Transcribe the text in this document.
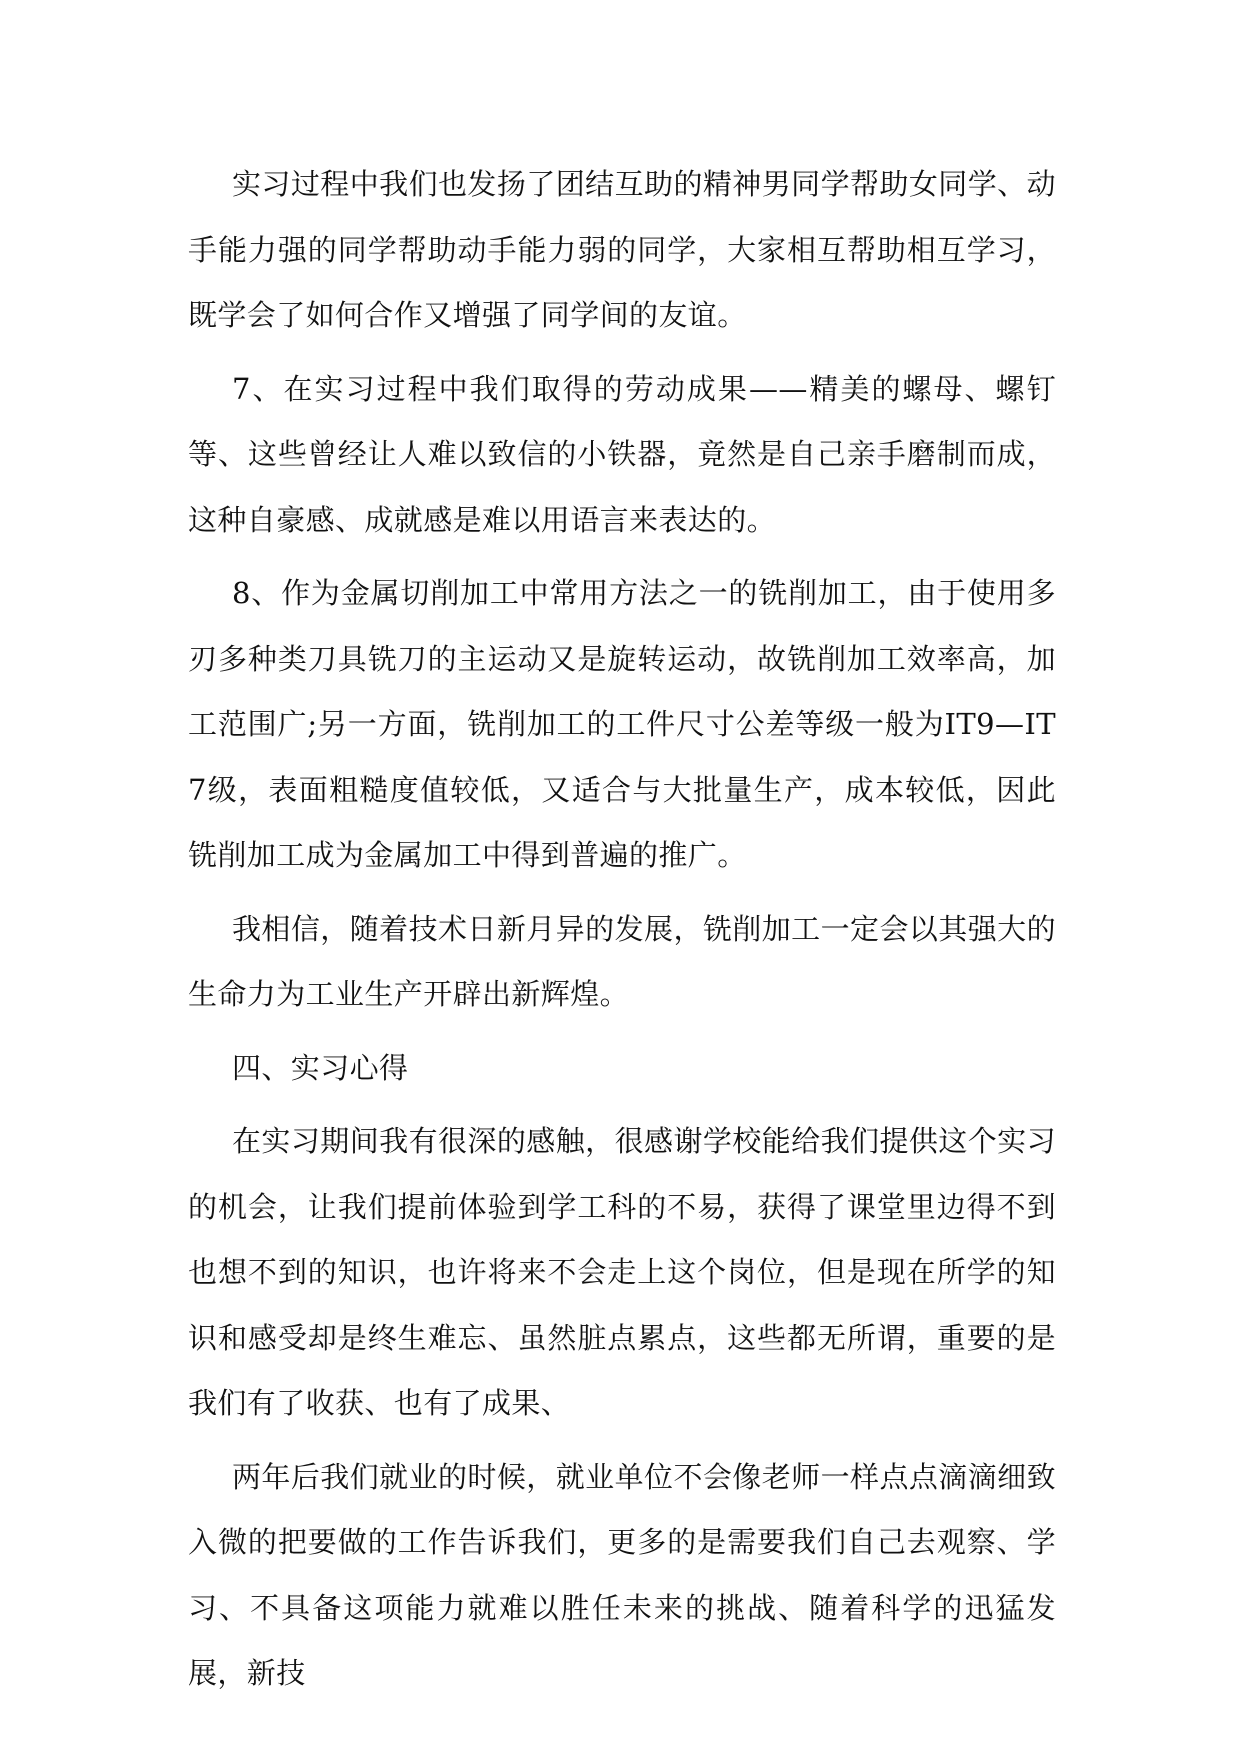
实习过程中我们也发扬了团结互助的精神男同学帮助女同学、动手能力强的同学帮助动手能力弱的同学，大家相互帮助相互学习，既学会了如何合作又增强了同学间的友谊。

7、在实习过程中我们取得的劳动成果——精美的螺母、螺钉等、这些曾经让人难以致信的小铁器，竟然是自己亲手磨制而成，这种自豪感、成就感是难以用语言来表达的。

8、作为金属切削加工中常用方法之一的铣削加工，由于使用多刃多种类刀具铣刀的主运动又是旋转运动，故铣削加工效率高，加工范围广;另一方面，铣削加工的工件尺寸公差等级一般为IT9—IT7级，表面粗糙度值较低，又适合与大批量生产，成本较低，因此铣削加工成为金属加工中得到普遍的推广。

我相信，随着技术日新月异的发展，铣削加工一定会以其强大的生命力为工业生产开辟出新辉煌。

四、实习心得

在实习期间我有很深的感触，很感谢学校能给我们提供这个实习的机会，让我们提前体验到学工科的不易，获得了课堂里边得不到也想不到的知识，也许将来不会走上这个岗位，但是现在所学的知识和感受却是终生难忘、虽然脏点累点，这些都无所谓，重要的是我们有了收获、也有了成果、

两年后我们就业的时候，就业单位不会像老师一样点点滴滴细致入微的把要做的工作告诉我们，更多的是需要我们自己去观察、学习、不具备这项能力就难以胜任未来的挑战、随着科学的迅猛发展，新技
